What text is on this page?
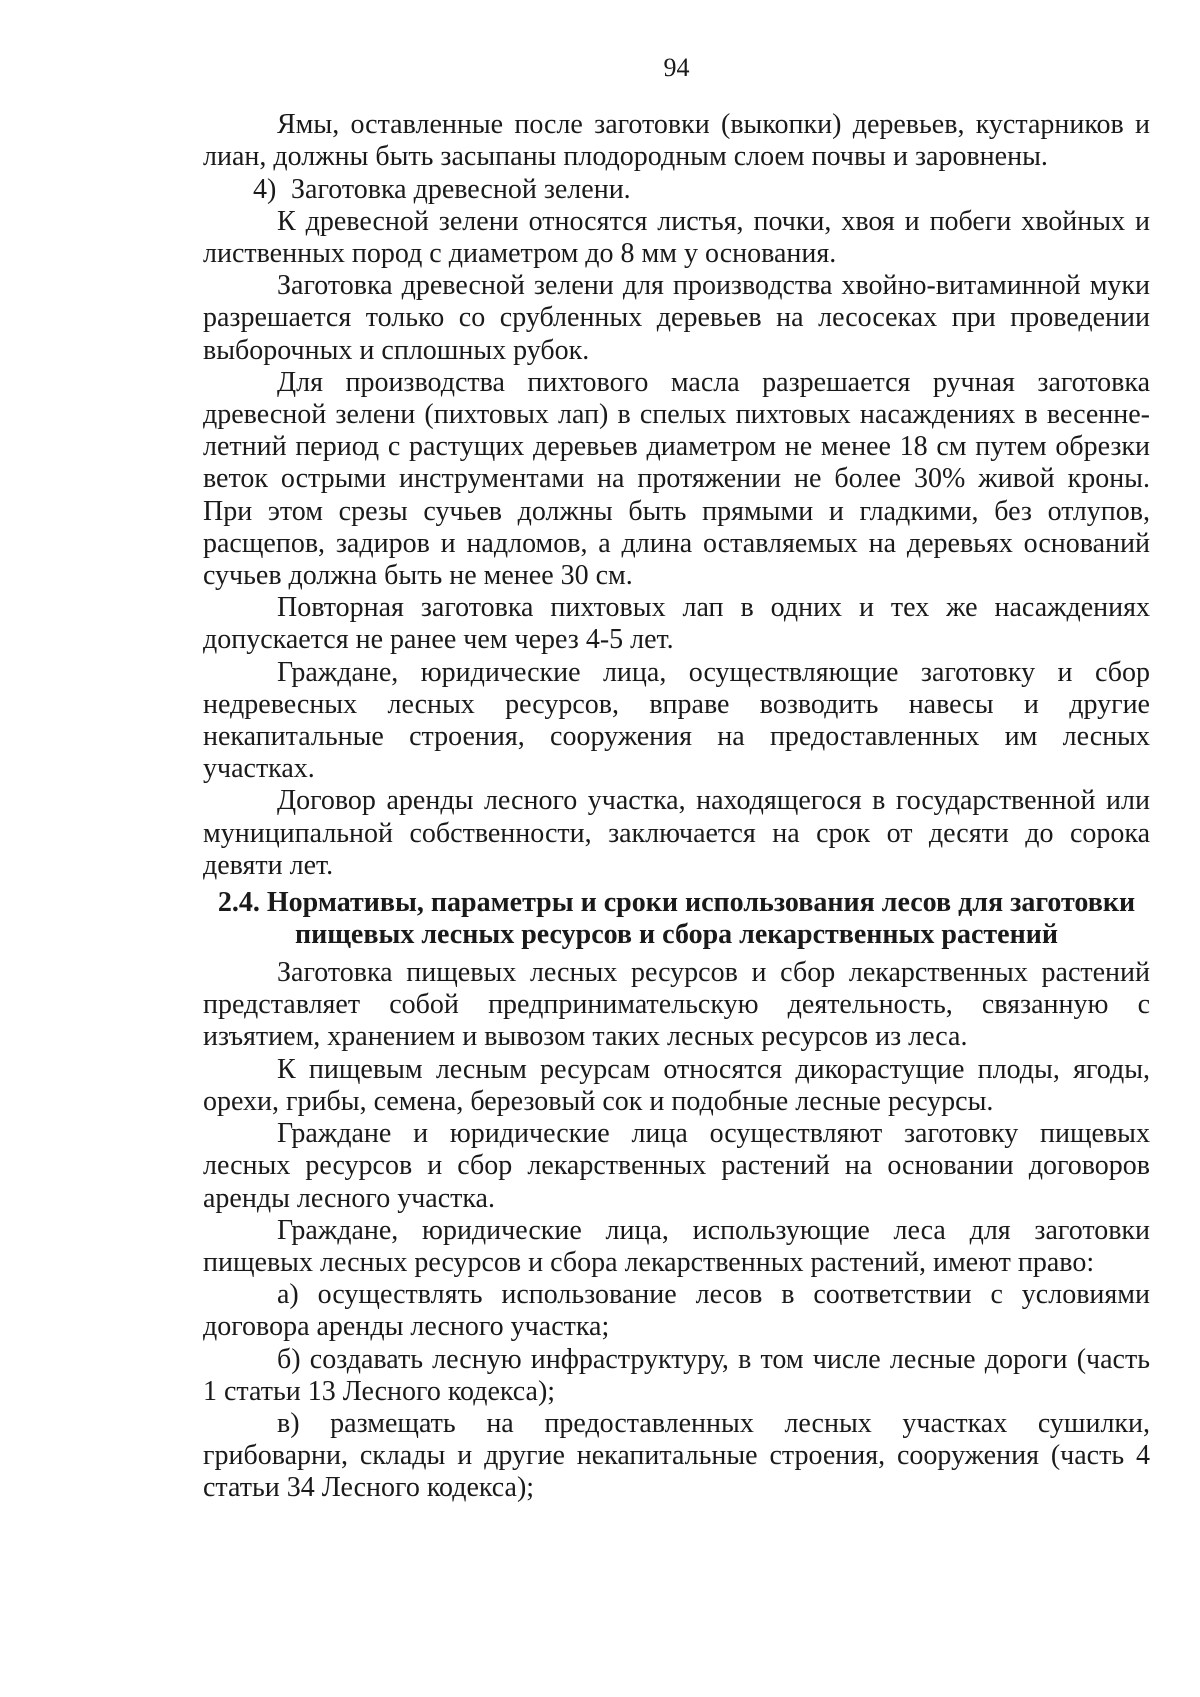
94

Ямы, оставленные после заготовки (выкопки) деревьев, кустарников и лиан, должны быть засыпаны плодородным слоем почвы и заровнены.

4) Заготовка древесной зелени.

К древесной зелени относятся листья, почки, хвоя и побеги хвойных и лиственных пород с диаметром до 8 мм у основания.

Заготовка древесной зелени для производства хвойно-витаминной муки разрешается только со срубленных деревьев на лесосеках при проведении выборочных и сплошных рубок.

Для производства пихтового масла разрешается ручная заготовка древесной зелени (пихтовых лап) в спелых пихтовых насаждениях в весенне-летний период с растущих деревьев диаметром не менее 18 см путем обрезки веток острыми инструментами на протяжении не более 30% живой кроны. При этом срезы сучьев должны быть прямыми и гладкими, без отлупов, расщепов, задиров и надломов, а длина оставляемых на деревьях оснований сучьев должна быть не менее 30 см.

Повторная заготовка пихтовых лап в одних и тех же насаждениях допускается не ранее чем через 4-5 лет.

Граждане, юридические лица, осуществляющие заготовку и сбор недревесных лесных ресурсов, вправе возводить навесы и другие некапитальные строения, сооружения на предоставленных им лесных участках.

Договор аренды лесного участка, находящегося в государственной или муниципальной собственности, заключается на срок от десяти до сорока девяти лет.

2.4. Нормативы, параметры и сроки использования лесов для заготовки
пищевых лесных ресурсов и сбора лекарственных растений

Заготовка пищевых лесных ресурсов и сбор лекарственных растений представляет собой предпринимательскую деятельность, связанную с изъятием, хранением и вывозом таких лесных ресурсов из леса.

К пищевым лесным ресурсам относятся дикорастущие плоды, ягоды, орехи, грибы, семена, березовый сок и подобные лесные ресурсы.

Граждане и юридические лица осуществляют заготовку пищевых лесных ресурсов и сбор лекарственных растений на основании договоров аренды лесного участка.

Граждане, юридические лица, использующие леса для заготовки пищевых лесных ресурсов и сбора лекарственных растений, имеют право:

а) осуществлять использование лесов в соответствии с условиями договора аренды лесного участка;

б) создавать лесную инфраструктуру, в том числе лесные дороги (часть 1 статьи 13 Лесного кодекса);

в) размещать на предоставленных лесных участках сушилки, грибоварни, склады и другие некапитальные строения, сооружения (часть 4 статьи 34 Лесного кодекса);
